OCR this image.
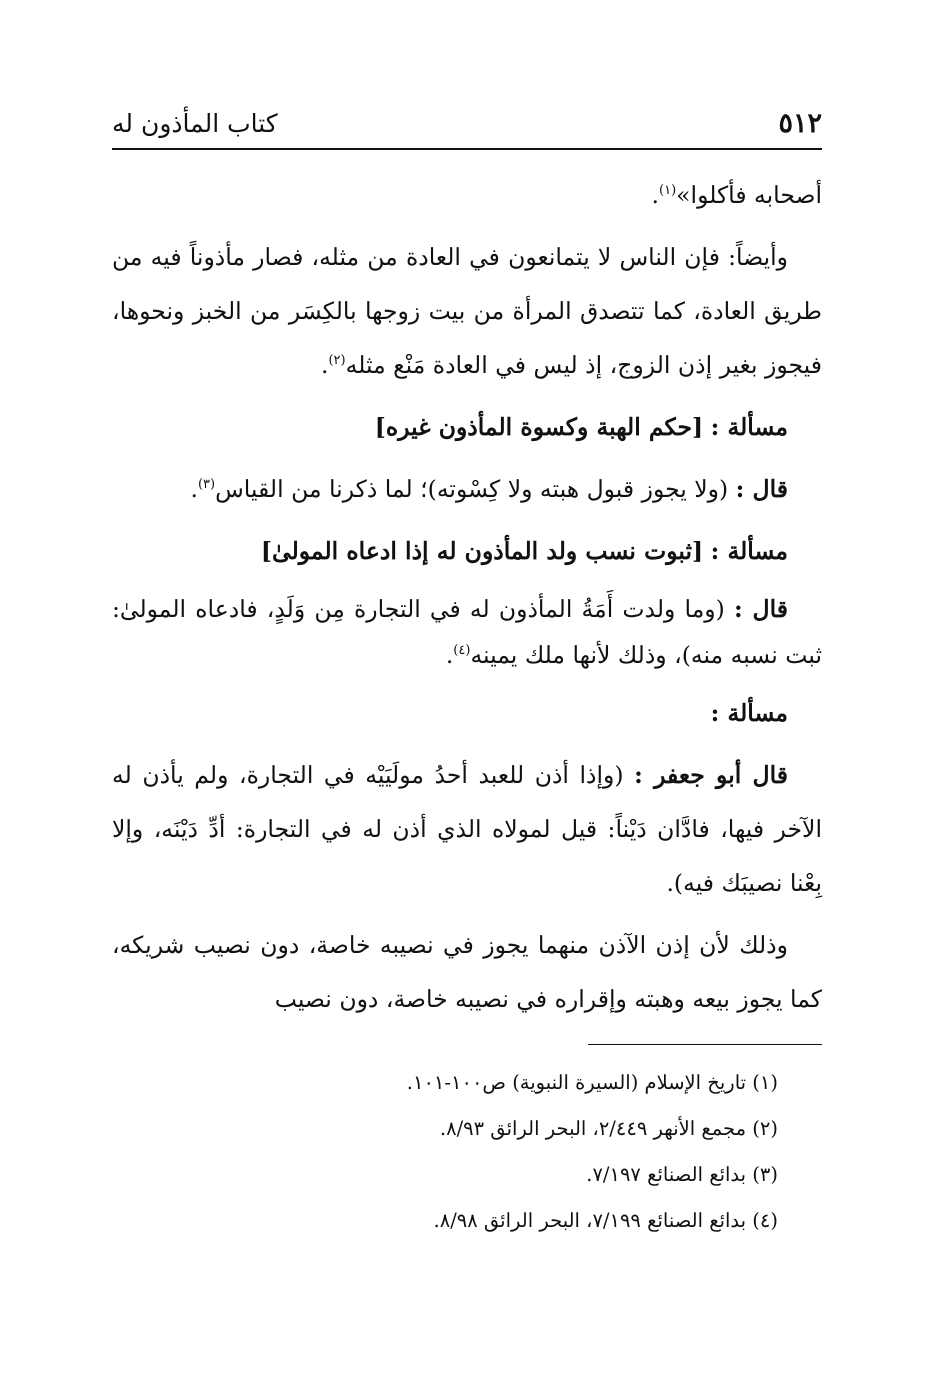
٥١٢
كتاب المأذون له

أصحابه فأكلوا»$^{(١)}$.

وأيضاً: فإن الناس لا يتمانعون في العادة من مثله، فصار مأذوناً فيه من طريق العادة، كما تتصدق المرأة من بيت زوجها بالكِسَر من الخبز ونحوها، فيجوز بغير إذن الزوج، إذ ليس في العادة مَنْع مثله$^{(٢)}$.

مسألة : [حكم الهبة وكسوة المأذون غيره]

قال : (ولا يجوز قبول هبته ولا كِسْوته)؛ لما ذكرنا من القياس$^{(٣)}$.

مسألة : [ثبوت نسب ولد المأذون له إذا ادعاه المولىٰ]

قال : (وما ولدت أَمَةُ المأذون له في التجارة مِن وَلَدٍ، فادعاه المولىٰ: ثبت نسبه منه)، وذلك لأنها ملك يمينه$^{(٤)}$.

مسألة :

قال أبو جعفر : (وإذا أذن للعبد أحدُ مولَيَيْه في التجارة، ولم يأذن له الآخر فيها، فادَّان دَيْناً: قيل لمولاه الذي أذن له في التجارة: أدِّ دَيْنَه، وإلا بِعْنا نصيبَك فيه).

وذلك لأن إذن الآذن منهما يجوز في نصيبه خاصة، دون نصيب شريكه، كما يجوز بيعه وهبته وإقراره في نصيبه خاصة، دون نصيب

(١) تاريخ الإسلام (السيرة النبوية) ص١٠٠-١٠١.

(٢) مجمع الأنهر ٢/٤٤٩، البحر الرائق ٨/٩٣.

(٣) بدائع الصنائع ٧/١٩٧.

(٤) بدائع الصنائع ٧/١٩٩، البحر الرائق ٨/٩٨.
